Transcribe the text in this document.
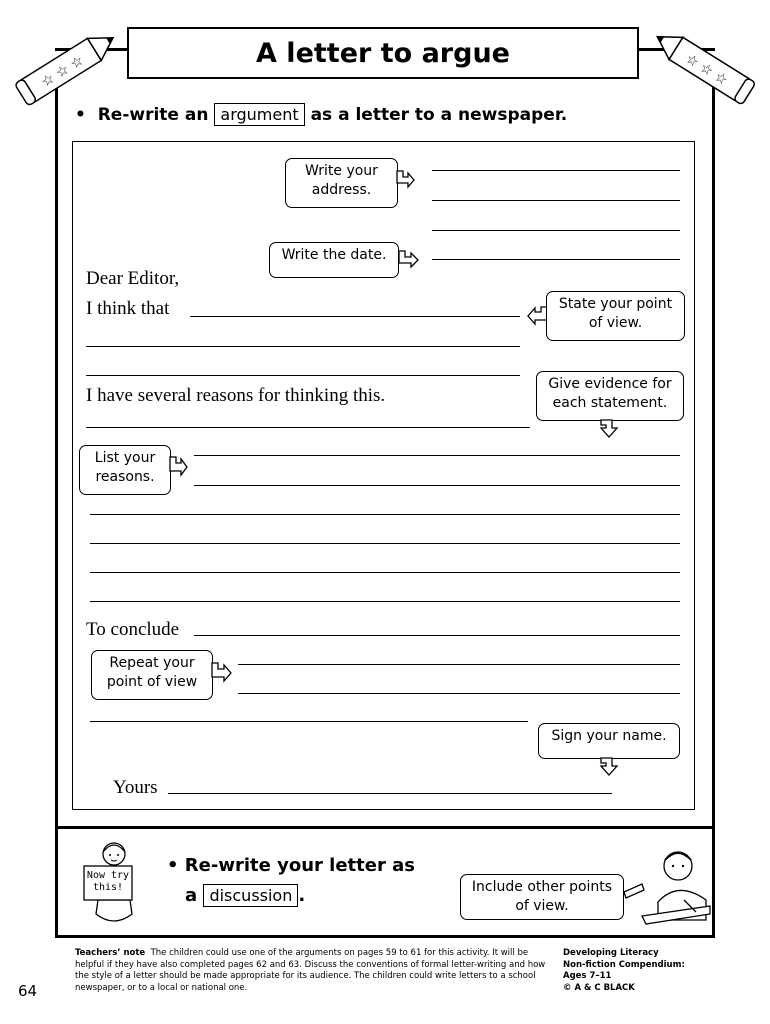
A letter to argue
☆ ☆ ☆	☆ ☆ ☆
• Re-write an argument as a letter to a newspaper.
Write your
address.
Write the date.
Dear Editor,
I think that	State your point
of view.
I have several reasons for thinking this.
Give evidence for
each statement.
List your
reasons.
To conclude
Repeat your
point of view
Sign your name.
Yours
Now try
this!
• Re-write your letter as
a discussion .	Include other points
of view.
64
Teachers’ note The children could use one of the arguments on pages 59 to 61 for this activity. It will be helpful if they have also completed pages 62 and 63. Discuss the conventions of formal letter-writing and how the style of a letter should be made appropriate for its audience. The children could write letters to a school newspaper, or to a local or national one.
Developing Literacy
Non-fiction Compendium:
Ages 7–11
© A & C BLACK
